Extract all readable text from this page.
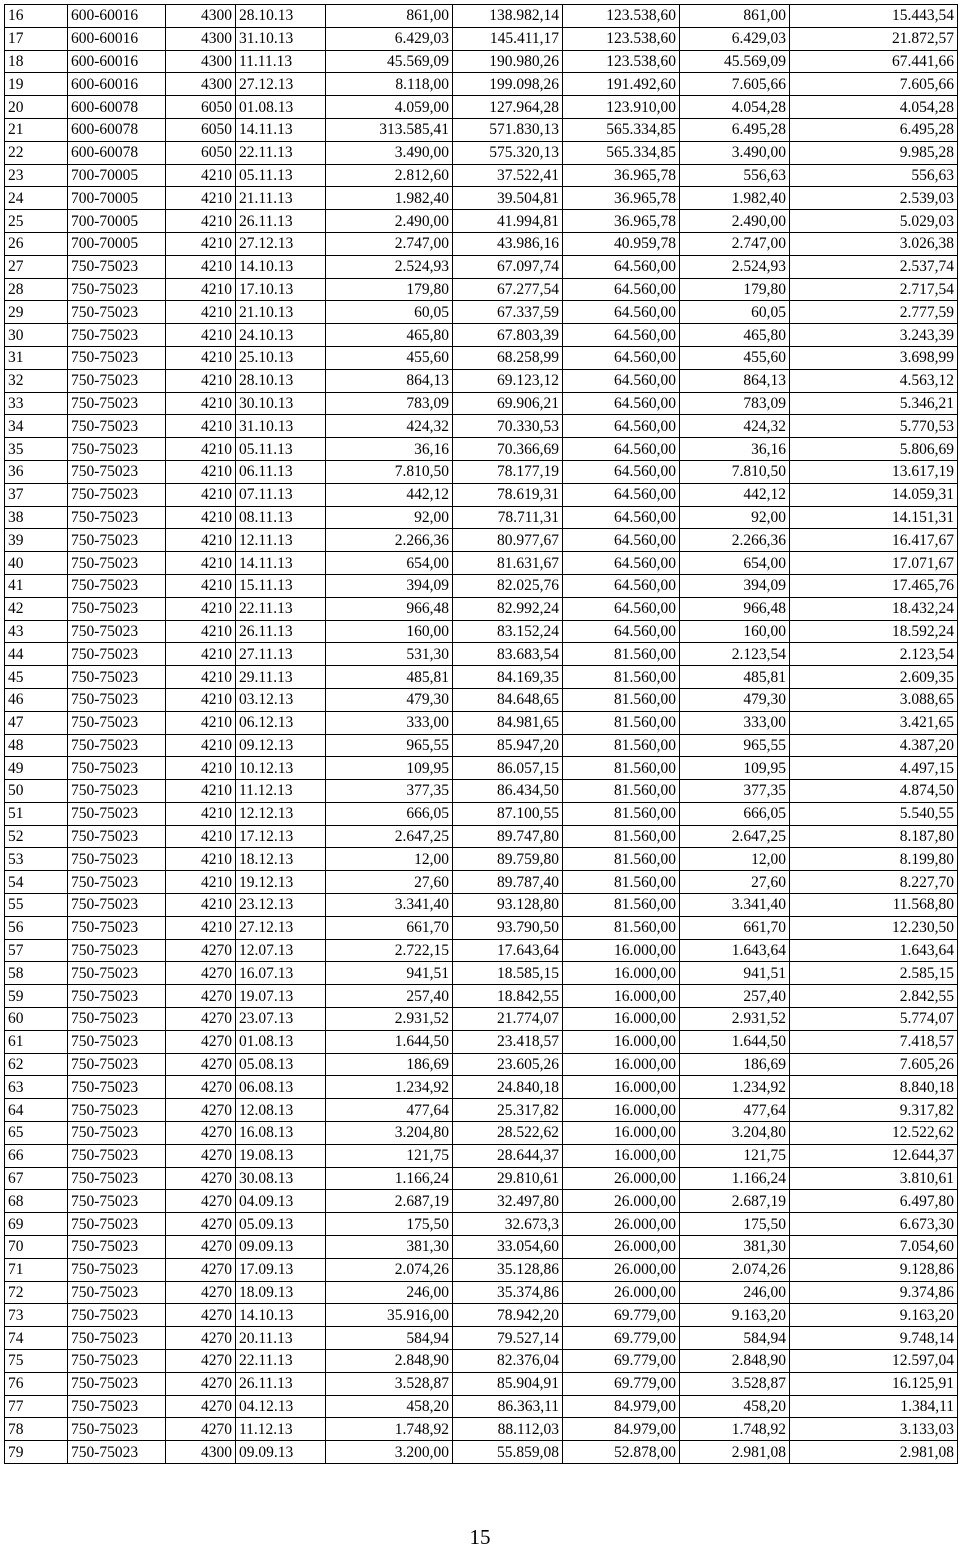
16	600-60016	4300	28.10.13	861,00	138.982,14	123.538,60	861,00	15.443,54
17	600-60016	4300	31.10.13	6.429,03	145.411,17	123.538,60	6.429,03	21.872,57
18	600-60016	4300	11.11.13	45.569,09	190.980,26	123.538,60	45.569,09	67.441,66
19	600-60016	4300	27.12.13	8.118,00	199.098,26	191.492,60	7.605,66	7.605,66
20	600-60078	6050	01.08.13	4.059,00	127.964,28	123.910,00	4.054,28	4.054,28
21	600-60078	6050	14.11.13	313.585,41	571.830,13	565.334,85	6.495,28	6.495,28
22	600-60078	6050	22.11.13	3.490,00	575.320,13	565.334,85	3.490,00	9.985,28
23	700-70005	4210	05.11.13	2.812,60	37.522,41	36.965,78	556,63	556,63
24	700-70005	4210	21.11.13	1.982,40	39.504,81	36.965,78	1.982,40	2.539,03
25	700-70005	4210	26.11.13	2.490,00	41.994,81	36.965,78	2.490,00	5.029,03
26	700-70005	4210	27.12.13	2.747,00	43.986,16	40.959,78	2.747,00	3.026,38
27	750-75023	4210	14.10.13	2.524,93	67.097,74	64.560,00	2.524,93	2.537,74
28	750-75023	4210	17.10.13	179,80	67.277,54	64.560,00	179,80	2.717,54
29	750-75023	4210	21.10.13	60,05	67.337,59	64.560,00	60,05	2.777,59
30	750-75023	4210	24.10.13	465,80	67.803,39	64.560,00	465,80	3.243,39
31	750-75023	4210	25.10.13	455,60	68.258,99	64.560,00	455,60	3.698,99
32	750-75023	4210	28.10.13	864,13	69.123,12	64.560,00	864,13	4.563,12
33	750-75023	4210	30.10.13	783,09	69.906,21	64.560,00	783,09	5.346,21
34	750-75023	4210	31.10.13	424,32	70.330,53	64.560,00	424,32	5.770,53
35	750-75023	4210	05.11.13	36,16	70.366,69	64.560,00	36,16	5.806,69
36	750-75023	4210	06.11.13	7.810,50	78.177,19	64.560,00	7.810,50	13.617,19
37	750-75023	4210	07.11.13	442,12	78.619,31	64.560,00	442,12	14.059,31
38	750-75023	4210	08.11.13	92,00	78.711,31	64.560,00	92,00	14.151,31
39	750-75023	4210	12.11.13	2.266,36	80.977,67	64.560,00	2.266,36	16.417,67
40	750-75023	4210	14.11.13	654,00	81.631,67	64.560,00	654,00	17.071,67
41	750-75023	4210	15.11.13	394,09	82.025,76	64.560,00	394,09	17.465,76
42	750-75023	4210	22.11.13	966,48	82.992,24	64.560,00	966,48	18.432,24
43	750-75023	4210	26.11.13	160,00	83.152,24	64.560,00	160,00	18.592,24
44	750-75023	4210	27.11.13	531,30	83.683,54	81.560,00	2.123,54	2.123,54
45	750-75023	4210	29.11.13	485,81	84.169,35	81.560,00	485,81	2.609,35
46	750-75023	4210	03.12.13	479,30	84.648,65	81.560,00	479,30	3.088,65
47	750-75023	4210	06.12.13	333,00	84.981,65	81.560,00	333,00	3.421,65
48	750-75023	4210	09.12.13	965,55	85.947,20	81.560,00	965,55	4.387,20
49	750-75023	4210	10.12.13	109,95	86.057,15	81.560,00	109,95	4.497,15
50	750-75023	4210	11.12.13	377,35	86.434,50	81.560,00	377,35	4.874,50
51	750-75023	4210	12.12.13	666,05	87.100,55	81.560,00	666,05	5.540,55
52	750-75023	4210	17.12.13	2.647,25	89.747,80	81.560,00	2.647,25	8.187,80
53	750-75023	4210	18.12.13	12,00	89.759,80	81.560,00	12,00	8.199,80
54	750-75023	4210	19.12.13	27,60	89.787,40	81.560,00	27,60	8.227,70
55	750-75023	4210	23.12.13	3.341,40	93.128,80	81.560,00	3.341,40	11.568,80
56	750-75023	4210	27.12.13	661,70	93.790,50	81.560,00	661,70	12.230,50
57	750-75023	4270	12.07.13	2.722,15	17.643,64	16.000,00	1.643,64	1.643,64
58	750-75023	4270	16.07.13	941,51	18.585,15	16.000,00	941,51	2.585,15
59	750-75023	4270	19.07.13	257,40	18.842,55	16.000,00	257,40	2.842,55
60	750-75023	4270	23.07.13	2.931,52	21.774,07	16.000,00	2.931,52	5.774,07
61	750-75023	4270	01.08.13	1.644,50	23.418,57	16.000,00	1.644,50	7.418,57
62	750-75023	4270	05.08.13	186,69	23.605,26	16.000,00	186,69	7.605,26
63	750-75023	4270	06.08.13	1.234,92	24.840,18	16.000,00	1.234,92	8.840,18
64	750-75023	4270	12.08.13	477,64	25.317,82	16.000,00	477,64	9.317,82
65	750-75023	4270	16.08.13	3.204,80	28.522,62	16.000,00	3.204,80	12.522,62
66	750-75023	4270	19.08.13	121,75	28.644,37	16.000,00	121,75	12.644,37
67	750-75023	4270	30.08.13	1.166,24	29.810,61	26.000,00	1.166,24	3.810,61
68	750-75023	4270	04.09.13	2.687,19	32.497,80	26.000,00	2.687,19	6.497,80
69	750-75023	4270	05.09.13	175,50	32.673,3	26.000,00	175,50	6.673,30
70	750-75023	4270	09.09.13	381,30	33.054,60	26.000,00	381,30	7.054,60
71	750-75023	4270	17.09.13	2.074,26	35.128,86	26.000,00	2.074,26	9.128,86
72	750-75023	4270	18.09.13	246,00	35.374,86	26.000,00	246,00	9.374,86
73	750-75023	4270	14.10.13	35.916,00	78.942,20	69.779,00	9.163,20	9.163,20
74	750-75023	4270	20.11.13	584,94	79.527,14	69.779,00	584,94	9.748,14
75	750-75023	4270	22.11.13	2.848,90	82.376,04	69.779,00	2.848,90	12.597,04
76	750-75023	4270	26.11.13	3.528,87	85.904,91	69.779,00	3.528,87	16.125,91
77	750-75023	4270	04.12.13	458,20	86.363,11	84.979,00	458,20	1.384,11
78	750-75023	4270	11.12.13	1.748,92	88.112,03	84.979,00	1.748,92	3.133,03
79	750-75023	4300	09.09.13	3.200,00	55.859,08	52.878,00	2.981,08	2.981,08
15
